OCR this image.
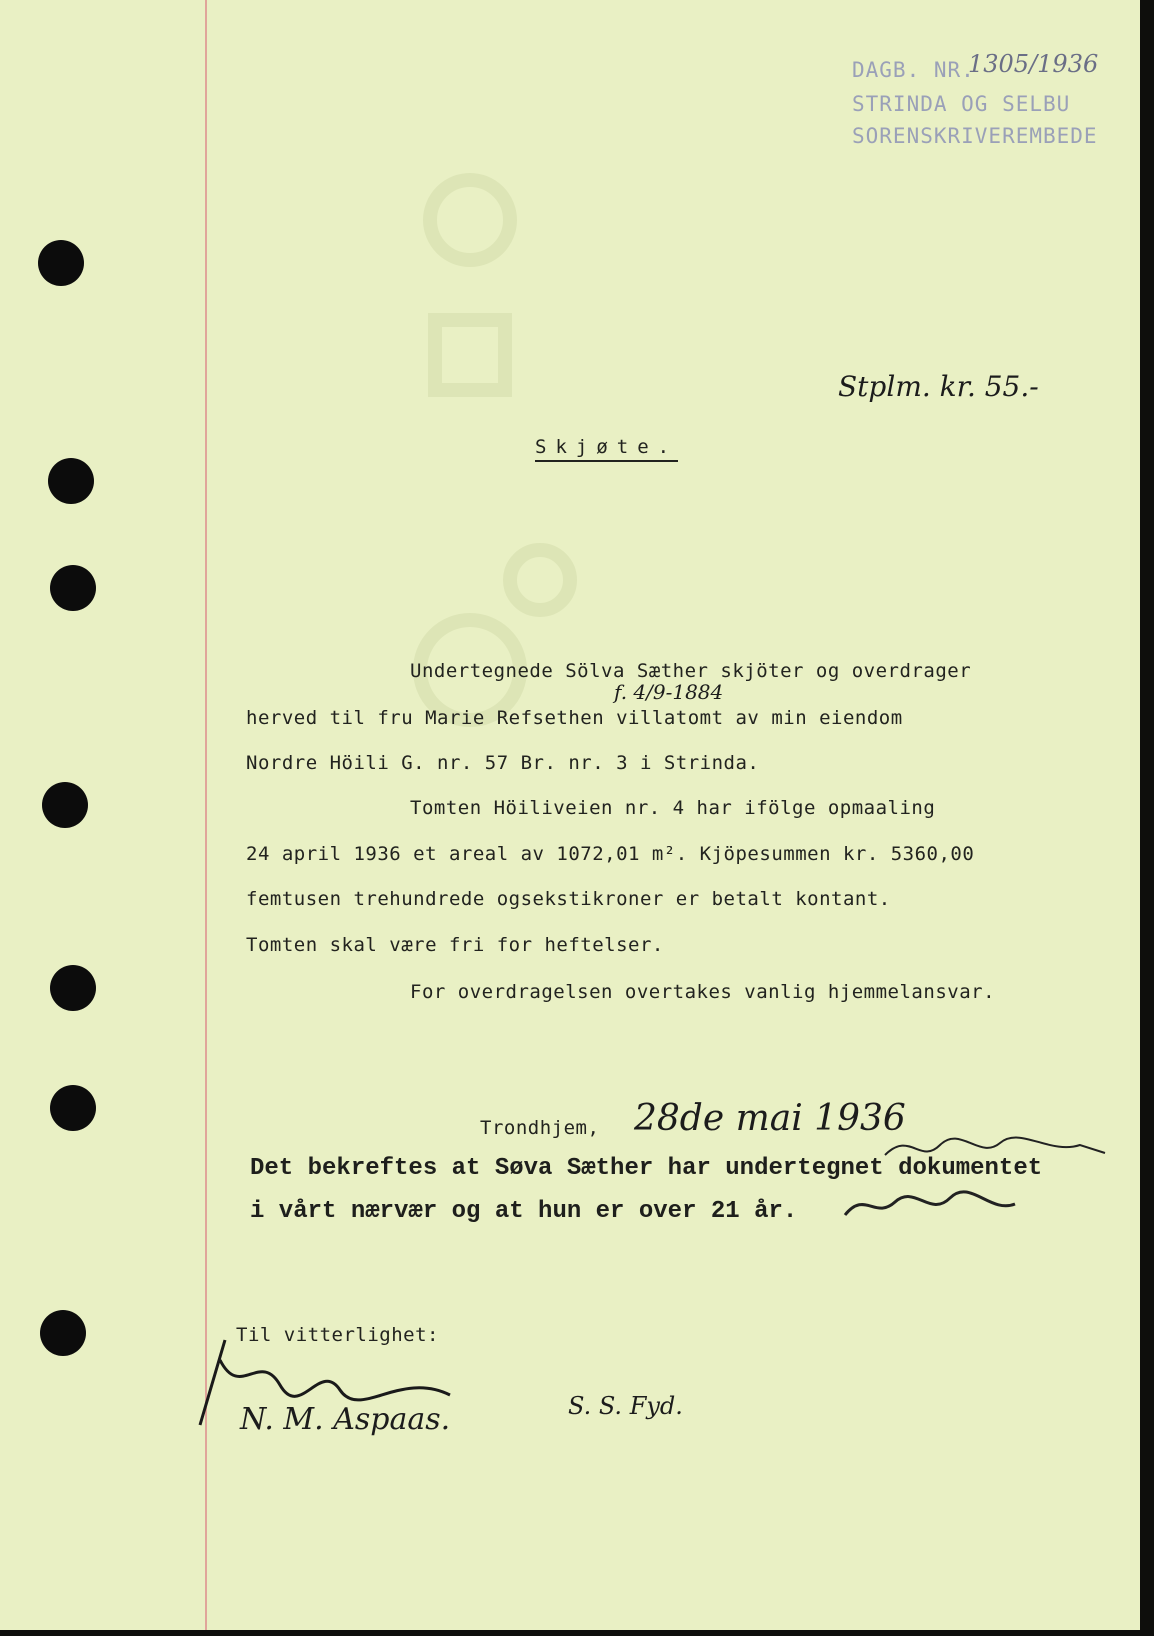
DAGB. NR.
1305/1936
STRINDA OG SELBU
SORENSKRIVEREMBEDE
Stplm. kr. 55.-
Skjøte.
Undertegnede Sölva Sæther skjöter og overdrager
f. 4/9-1884
herved til fru Marie Refsethen villatomt av min eiendom
Nordre Höili G. nr. 57 Br. nr. 3 i Strinda.
Tomten Höiliveien nr. 4 har ifölge opmaaling
24 april 1936 et areal av 1072,01 m². Kjöpesummen kr. 5360,00
femtusen trehundrede ogsekstikroner er betalt kontant.
Tomten skal være fri for heftelser.
For overdragelsen overtakes vanlig hjemmelansvar.
Trondhjem, 28de mai 1936
Det bekreftes at Søva Sæther har undertegnet dokumentet
i vårt nærvær og at hun er over 21 år.
Til vitterlighet:
N. M. Aspaas.	S. S. Fyd.
